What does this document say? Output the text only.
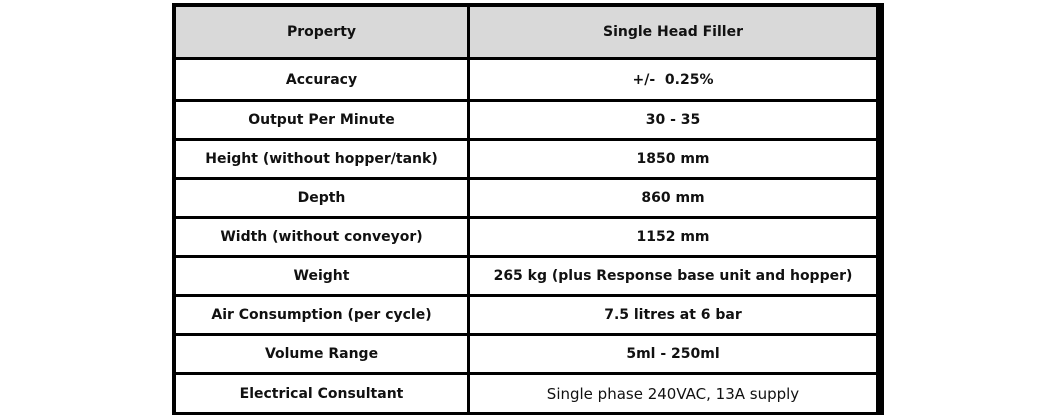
Property	Single Head Filler
Accuracy	+/-  0.25%
Output Per Minute	30 - 35
Height (without hopper/tank)	1850 mm
Depth	860 mm
Width (without conveyor)	1152 mm
Weight	265 kg (plus Response base unit and hopper)
Air Consumption (per cycle)	7.5 litres at 6 bar
Volume Range	5ml - 250ml
Electrical Consultant	Single phase 240VAC, 13A supply
